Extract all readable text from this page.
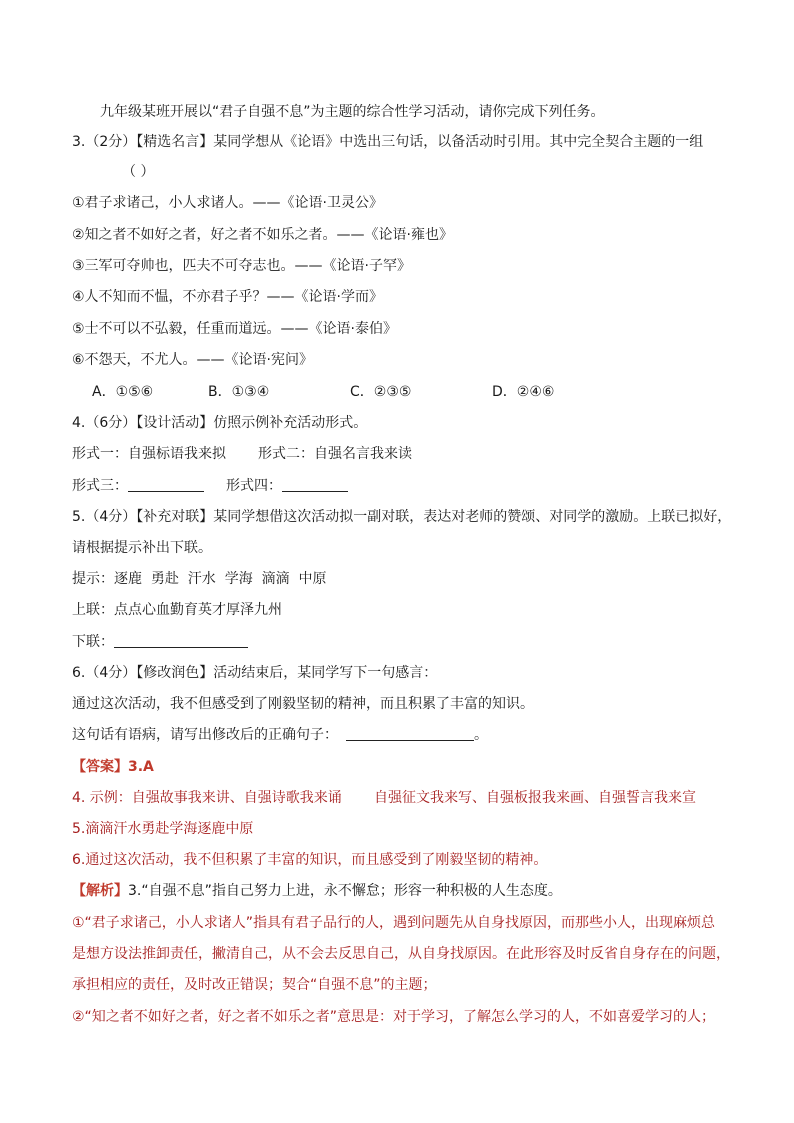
九年级某班开展以“君子自强不息”为主题的综合性学习活动，请你完成下列任务。
3.（2分）【精选名言】某同学想从《论语》中选出三句话，以备活动时引用。其中完全契合主题的一组
（ ）
①君子求诸己，小人求诸人。——《论语·卫灵公》
②知之者不如好之者，好之者不如乐之者。——《论语·雍也》
③三军可夺帅也，匹夫不可夺志也。——《论语·子罕》
④人不知而不愠，不亦君子乎？——《论语·学而》
⑤士不可以不弘毅，任重而道远。——《论语·泰伯》
⑥不怨天，不尤人。——《论语·宪问》
A．①⑤⑥	B．①③④	C．②③⑤	D．②④⑥
4.（6分）【设计活动】仿照示例补充活动形式。
形式一：自强标语我来拟 形式二：自强名言我来读
形式三：	形式四：
5.（4分）【补充对联】某同学想借这次活动拟一副对联，表达对老师的赞颂、对同学的激励。上联已拟好，
请根据提示补出下联。
提示：逐鹿  勇赴  汗水  学海  滴滴  中原
上联：点点心血勤育英才厚泽九州
下联：
6.（4分）【修改润色】活动结束后，某同学写下一句感言：
通过这次活动，我不但感受到了刚毅坚韧的精神，而且积累了丰富的知识。
这句话有语病，请写出修改后的正确句子：	。
【答案】3.A
4. 示例：自强故事我来讲、自强诗歌我来诵 自强征文我来写、自强板报我来画、自强誓言我来宣
5.滴滴汗水勇赴学海逐鹿中原
6.通过这次活动，我不但积累了丰富的知识，而且感受到了刚毅坚韧的精神。
【解析】3.“自强不息”指自己努力上进，永不懈怠；形容一种积极的人生态度。
①“君子求诸己，小人求诸人”指具有君子品行的人，遇到问题先从自身找原因，而那些小人，出现麻烦总
是想方设法推卸责任，撇清自己，从不会去反思自己，从自身找原因。在此形容及时反省自身存在的问题，
承担相应的责任，及时改正错误；契合“自强不息”的主题；
②“知之者不如好之者，好之者不如乐之者”意思是：对于学习，了解怎么学习的人，不如喜爱学习的人；
